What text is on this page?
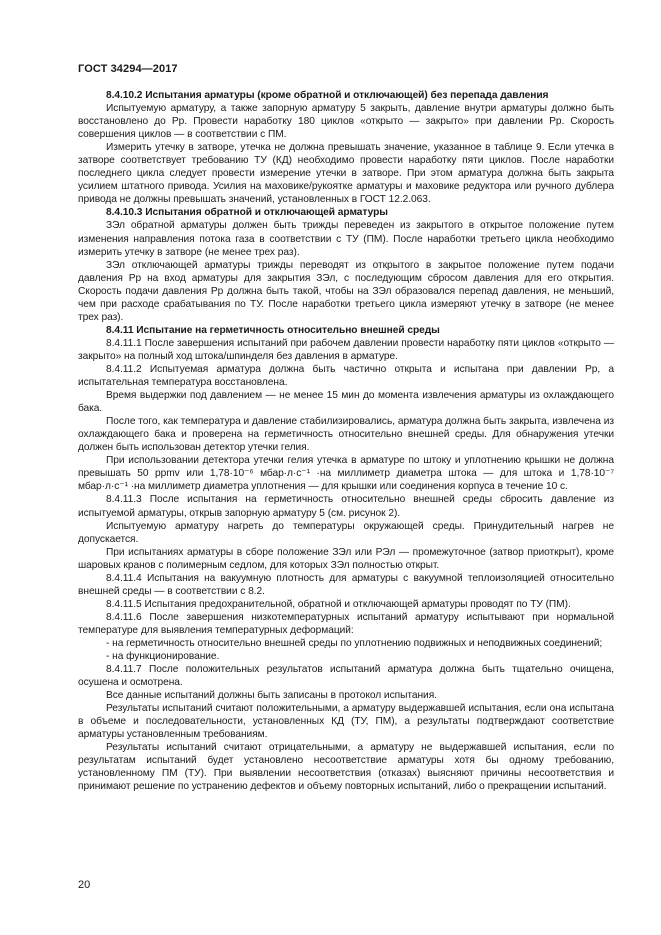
ГОСТ 34294—2017

8.4.10.2 Испытания арматуры (кроме обратной и отключающей) без перепада давления

Испытуемую арматуру, а также запорную арматуру 5 закрыть, давление внутри арматуры должно быть восстановлено до Pр. Провести наработку 180 циклов «открыто — закрыто» при давлении Pр. Скорость совершения циклов — в соответствии с ПМ.

Измерить утечку в затворе, утечка не должна превышать значение, указанное в таблице 9. Если утечка в затворе соответствует требованию ТУ (КД) необходимо провести наработку пяти циклов. После наработки последнего цикла следует провести измерение утечки в затворе. При этом арматура должна быть закрыта усилием штатного привода. Усилия на маховике/рукоятке арматуры и маховике редуктора или ручного дублера привода не должны превышать значений, установленных в ГОСТ 12.2.063.

8.4.10.3 Испытания обратной и отключающей арматуры

ЗЭл обратной арматуры должен быть трижды переведен из закрытого в открытое положение путем изменения направления потока газа в соответствии с ТУ (ПМ). После наработки третьего цикла необходимо измерить утечку в затворе (не менее трех раз).

ЗЭл отключающей арматуры трижды переводят из открытого в закрытое положение путем подачи давления Pр на вход арматуры для закрытия ЗЭл, с последующим сбросом давления для его открытия. Скорость подачи давления Pр должна быть такой, чтобы на ЗЭл образовался перепад давления, не меньший, чем при расходе срабатывания по ТУ. После наработки третьего цикла измеряют утечку в затворе (не менее трех раз).

8.4.11 Испытание на герметичность относительно внешней среды

8.4.11.1 После завершения испытаний при рабочем давлении провести наработку пяти циклов «открыто — закрыто» на полный ход штока/шпинделя без давления в арматуре.

8.4.11.2 Испытуемая арматура должна быть частично открыта и испытана при давлении Pр, а испытательная температура восстановлена.

Время выдержки под давлением — не менее 15 мин до момента извлечения арматуры из охлаждающего бака.

После того, как температура и давление стабилизировались, арматура должна быть закрыта, извлечена из охлаждающего бака и проверена на герметичность относительно внешней среды. Для обнаружения утечки должен быть использован детектор утечки гелия.

При использовании детектора утечки гелия утечка в арматуре по штоку и уплотнению крышки не должна превышать 50 ppmv или 1,78·10⁻⁶ мбар·л·с⁻¹ ·на миллиметр диаметра штока — для штока и 1,78·10⁻⁷ мбар·л·с⁻¹ ·на миллиметр диаметра уплотнения — для крышки или соединения корпуса в течение 10 с.

8.4.11.3 После испытания на герметичность относительно внешней среды сбросить давление из испытуемой арматуры, открыв запорную арматуру 5 (см. рисунок 2).

Испытуемую арматуру нагреть до температуры окружающей среды. Принудительный нагрев не допускается.

При испытаниях арматуры в сборе положение ЗЭл или РЭл — промежуточное (затвор приоткрыт), кроме шаровых кранов с полимерным седлом, для которых ЗЭл полностью открыт.

8.4.11.4 Испытания на вакуумную плотность для арматуры с вакуумной теплоизоляцией относительно внешней среды — в соответствии с 8.2.

8.4.11.5 Испытания предохранительной, обратной и отключающей арматуры проводят по ТУ (ПМ).

8.4.11.6 После завершения низкотемпературных испытаний арматуру испытывают при нормальной температуре для выявления температурных деформаций:

- на герметичность относительно внешней среды по уплотнению подвижных и неподвижных соединений;

- на функционирование.

8.4.11.7 После положительных результатов испытаний арматура должна быть тщательно очищена, осушена и осмотрена.

Все данные испытаний должны быть записаны в протокол испытания.

Результаты испытаний считают положительными, а арматуру выдержавшей испытания, если она испытана в объеме и последовательности, установленных КД (ТУ, ПМ), а результаты подтверждают соответствие арматуры установленным требованиям.

Результаты испытаний считают отрицательными, а арматуру не выдержавшей испытания, если по результатам испытаний будет установлено несоответствие арматуры хотя бы одному требованию, установленному ПМ (ТУ). При выявлении несоответствия (отказах) выясняют причины несоответствия и принимают решение по устранению дефектов и объему повторных испытаний, либо о прекращении испытаний.

20
